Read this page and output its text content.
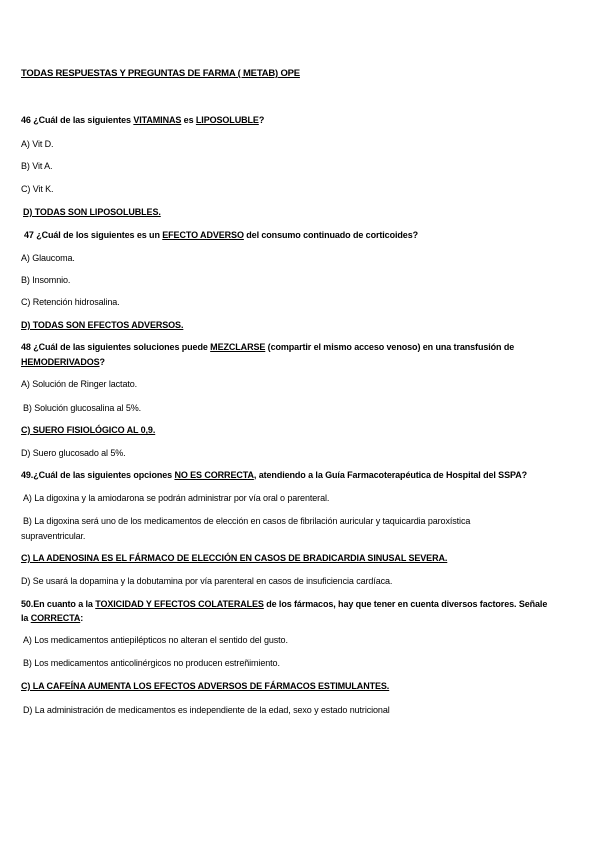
TODAS RESPUESTAS Y PREGUNTAS DE FARMA ( METAB) OPE
46 ¿Cuál de las siguientes VITAMINAS es LIPOSOLUBLE?
A) Vit D.
B) Vit A.
C) Vit K.
D) TODAS SON LIPOSOLUBLES.
47 ¿Cuál de los siguientes es un EFECTO ADVERSO del consumo continuado de corticoides?
A) Glaucoma.
B) Insomnio.
C) Retención hidrosalina.
D) TODAS SON EFECTOS ADVERSOS.
48 ¿Cuál de las siguientes soluciones puede MEZCLARSE (compartir el mismo acceso venoso) en una transfusión de
HEMODERIVADOS?
A) Solución de Ringer lactato.
B) Solución glucosalina al 5%.
C) SUERO FISIOLÓGICO AL 0,9.
D) Suero glucosado al 5%.
49.¿Cuál de las siguientes opciones NO ES CORRECTA, atendiendo a la Guía Farmacoterapéutica de Hospital del SSPA?
A) La digoxina y la amiodarona se podrán administrar por vía oral o parenteral.
B) La digoxina será uno de los medicamentos de elección en casos de fibrilación auricular y taquicardia paroxística
supraventricular.
C) LA ADENOSINA ES EL FÁRMACO DE ELECCIÓN EN CASOS DE BRADICARDIA SINUSAL SEVERA.
D) Se usará la dopamina y la dobutamina por vía parenteral en casos de insuficiencia cardíaca.
50.En cuanto a la TOXICIDAD Y EFECTOS COLATERALES de los fármacos, hay que tener en cuenta diversos factores. Señale
la CORRECTA:
A) Los medicamentos antiepilépticos no alteran el sentido del gusto.
B) Los medicamentos anticolinérgicos no producen estreñimiento.
C) LA CAFEÍNA AUMENTA LOS EFECTOS ADVERSOS DE FÁRMACOS ESTIMULANTES.
D) La administración de medicamentos es independiente de la edad, sexo y estado nutricional
